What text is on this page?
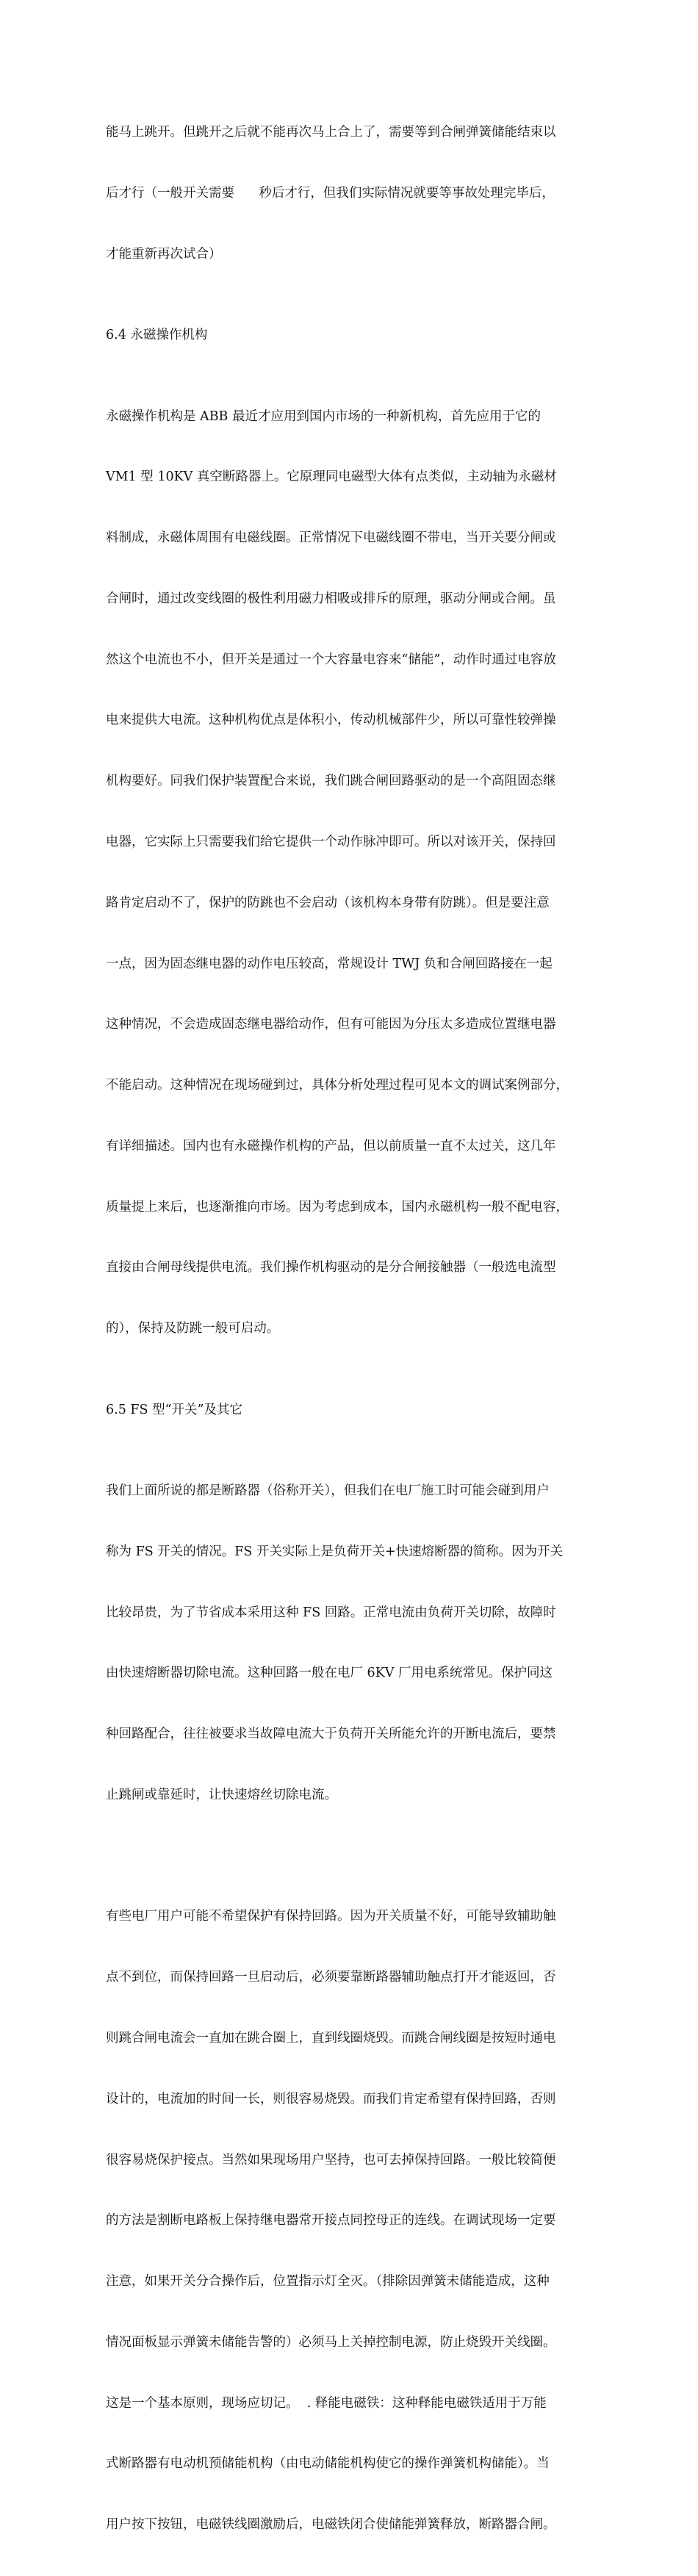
能马上跳开。但跳开之后就不能再次马上合上了，需要等到合闸弹簧储能结束以

后才行（一般开关需要      秒后才行，但我们实际情况就要等事故处理完毕后，

才能重新再次试合）

6.4 永磁操作机构

永磁操作机构是 ABB 最近才应用到国内市场的一种新机构，首先应用于它的

VM1 型 10KV 真空断路器上。它原理同电磁型大体有点类似，主动轴为永磁材

料制成，永磁体周围有电磁线圈。正常情况下电磁线圈不带电，当开关要分闸或

合闸时，通过改变线圈的极性利用磁力相吸或排斥的原理，驱动分闸或合闸。虽

然这个电流也不小，但开关是通过一个大容量电容来“储能”，动作时通过电容放

电来提供大电流。这种机构优点是体积小，传动机械部件少，所以可靠性较弹操

机构要好。同我们保护装置配合来说，我们跳合闸回路驱动的是一个高阻固态继

电器，它实际上只需要我们给它提供一个动作脉冲即可。所以对该开关，保持回

路肯定启动不了，保护的防跳也不会启动（该机构本身带有防跳）。但是要注意

一点，因为固态继电器的动作电压较高，常规设计 TWJ 负和合闸回路接在一起

这种情况，不会造成固态继电器给动作，但有可能因为分压太多造成位置继电器

不能启动。这种情况在现场碰到过，具体分析处理过程可见本文的调试案例部分，

有详细描述。国内也有永磁操作机构的产品，但以前质量一直不太过关，这几年

质量提上来后，也逐渐推向市场。因为考虑到成本，国内永磁机构一般不配电容，

直接由合闸母线提供电流。我们操作机构驱动的是分合闸接触器（一般选电流型

的），保持及防跳一般可启动。

6.5 FS 型“开关”及其它

我们上面所说的都是断路器（俗称开关），但我们在电厂施工时可能会碰到用户

称为 FS 开关的情况。FS 开关实际上是负荷开关+快速熔断器的简称。因为开关

比较昂贵，为了节省成本采用这种 FS 回路。正常电流由负荷开关切除，故障时

由快速熔断器切除电流。这种回路一般在电厂 6KV 厂用电系统常见。保护同这

种回路配合，往往被要求当故障电流大于负荷开关所能允许的开断电流后，要禁

止跳闸或靠延时，让快速熔丝切除电流。

有些电厂用户可能不希望保护有保持回路。因为开关质量不好，可能导致辅助触

点不到位，而保持回路一旦启动后，必须要靠断路器辅助触点打开才能返回，否

则跳合闸电流会一直加在跳合圈上，直到线圈烧毁。而跳合闸线圈是按短时通电

设计的，电流加的时间一长，则很容易烧毁。而我们肯定希望有保持回路，否则

很容易烧保护接点。当然如果现场用户坚持，也可去掉保持回路。一般比较简便

的方法是割断电路板上保持继电器常开接点同控母正的连线。在调试现场一定要

注意，如果开关分合操作后，位置指示灯全灭。（排除因弹簧未储能造成，这种

情况面板显示弹簧未储能告警的）必须马上关掉控制电源，防止烧毁开关线圈。

这是一个基本原则，现场应切记。  . 释能电磁铁：这种释能电磁铁适用于万能

式断路器有电动机预储能机构（由电动储能机构使它的操作弹簧机构储能）。当

用户按下按钮，电磁铁线圈激励后，电磁铁闭合使储能弹簧释放，断路器合闸。
